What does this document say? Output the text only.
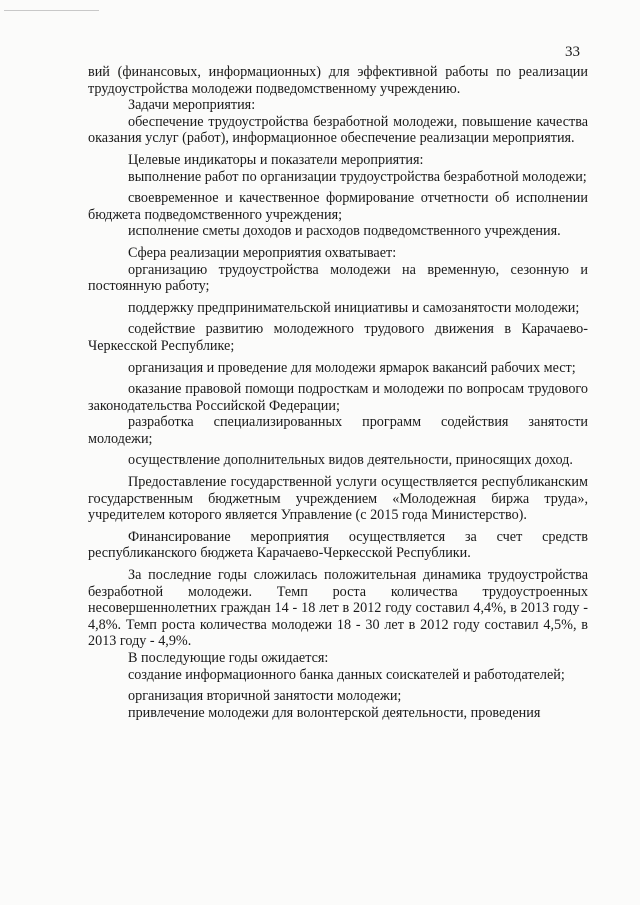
33

вий (финансовых, информационных) для эффективной работы по реализации трудоустройства молодежи подведомственному учреждению.

Задачи мероприятия:

обеспечение трудоустройства безработной молодежи, повышение качества оказания услуг (работ), информационное обеспечение реализации мероприятия.

Целевые индикаторы и показатели мероприятия:

выполнение работ по организации трудоустройства безработной молодежи;

своевременное и качественное формирование отчетности об исполнении бюджета подведомственного учреждения;

исполнение сметы доходов и расходов подведомственного учреждения.

Сфера реализации мероприятия охватывает:

организацию трудоустройства молодежи на временную, сезонную и постоянную работу;

поддержку предпринимательской инициативы и самозанятости молодежи;

содействие развитию молодежного трудового движения в Карачаево-Черкесской Республике;

организация и проведение для молодежи ярмарок вакансий рабочих мест;

оказание правовой помощи подросткам и молодежи по вопросам трудового законодательства Российской Федерации;

разработка специализированных программ содействия занятости молодежи;

осуществление дополнительных видов деятельности, приносящих доход.

Предоставление государственной услуги осуществляется республиканским государственным бюджетным учреждением «Молодежная биржа труда», учредителем которого является Управление (с 2015 года Министерство).

Финансирование мероприятия осуществляется за счет средств республиканского бюджета Карачаево-Черкесской Республики.

За последние годы сложилась положительная динамика трудоустройства безработной молодежи. Темп роста количества трудоустроенных несовершеннолетних граждан 14 - 18 лет в 2012 году составил 4,4%, в 2013 году - 4,8%. Темп роста количества молодежи 18 - 30 лет в 2012 году составил 4,5%, в 2013 году - 4,9%.

В последующие годы ожидается:

создание информационного банка данных соискателей и работодателей;

организация вторичной занятости молодежи;

привлечение молодежи для волонтерской деятельности, проведения
